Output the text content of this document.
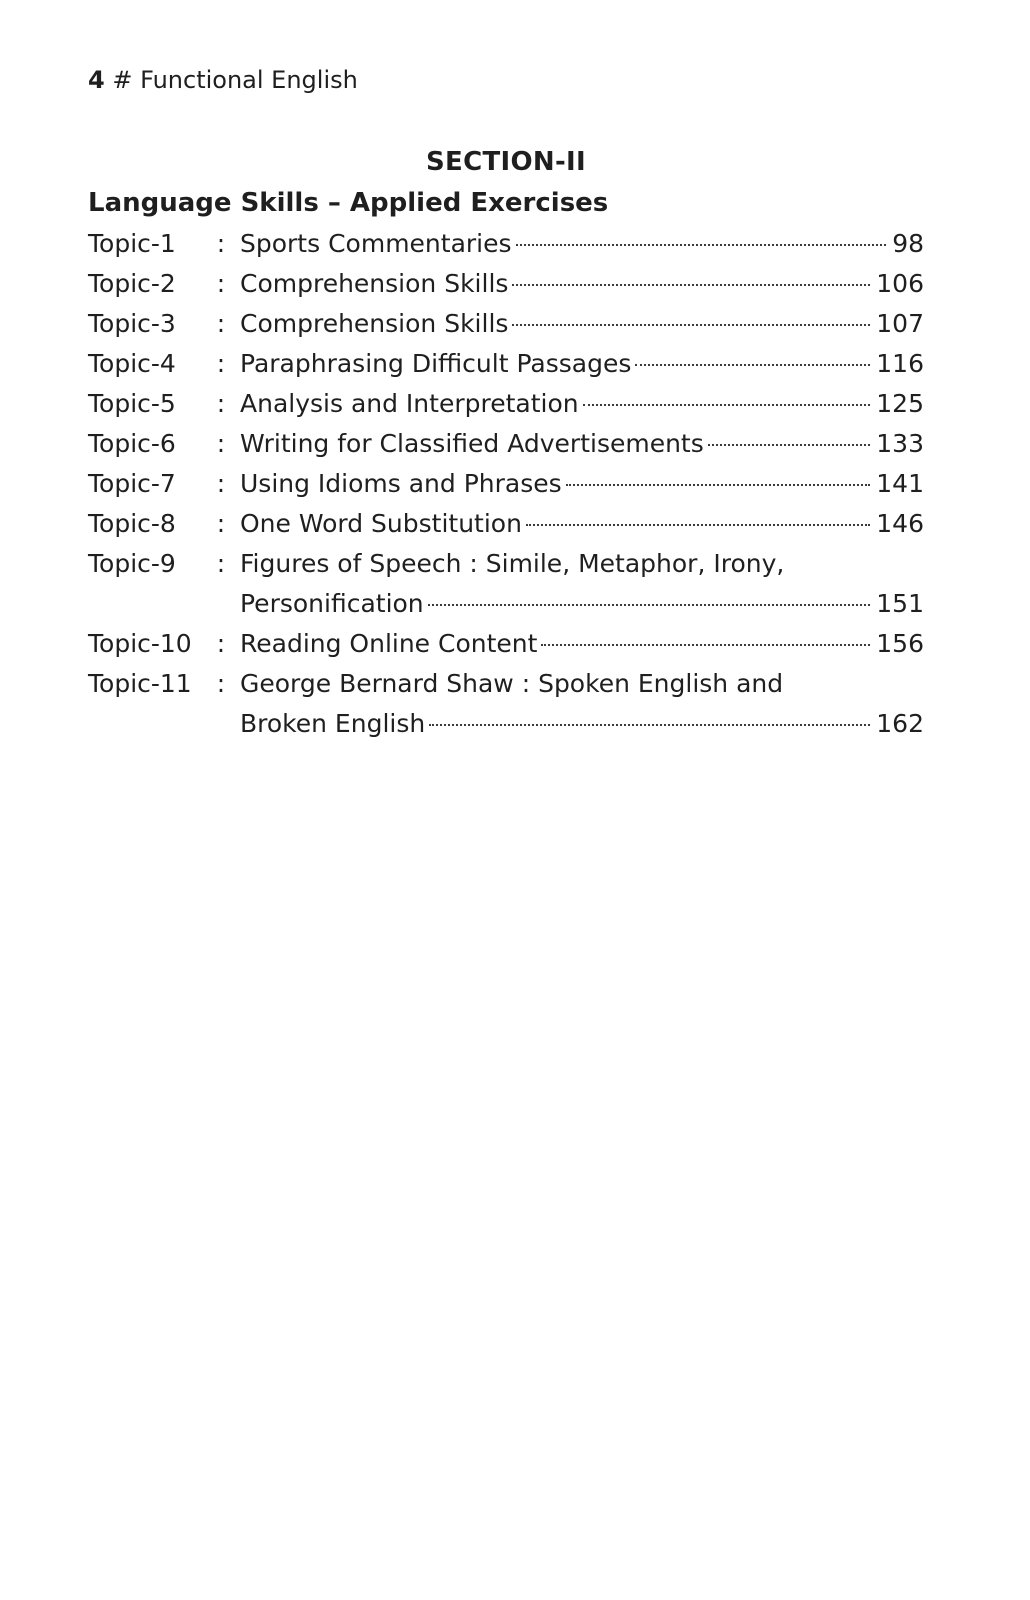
4 # Functional English
SECTION-II
Language Skills – Applied Exercises
Topic-1	: Sports Commentaries	98
Topic-2	: Comprehension Skills	106
Topic-3	: Comprehension Skills	107
Topic-4	: Paraphrasing Difficult Passages	116
Topic-5	: Analysis and Interpretation	125
Topic-6	: Writing for Classified Advertisements	133
Topic-7	: Using Idioms and Phrases	141
Topic-8	: One Word Substitution	146
Topic-9	: Figures of Speech : Simile, Metaphor, Irony,
Personification	151
Topic-10	: Reading Online Content	156
Topic-11	: George Bernard Shaw : Spoken English and
Broken English	162
